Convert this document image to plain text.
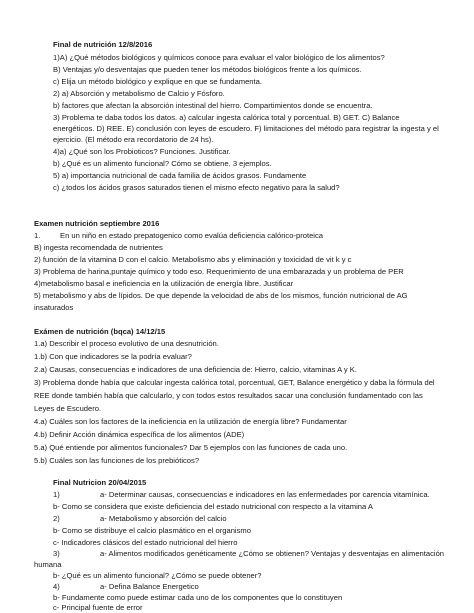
Final de nutrición 12/8/2016
1)A) ¿Qué métodos biológicos y químicos conoce para evaluar el valor biológico de los alimentos?
B) Ventajas y/o desventajas que pueden tener los métodos biológicos frente a los químicos.
c) Elija un método biológico y explique en que se fundamenta.
2) a) Absorción y metabolismo de Calcio y Fósforo.
b) factores que afectan la absorción intestinal del hierro. Compartimientos donde se encuentra.
3) Problema te daba todos los datos. a) calcular ingesta calórica total y porcentual. B) GET. C) Balance
energéticos. D) REE. E) conclusión con leyes de escudero. F) limitaciones del método para registrar la ingesta y el
ejercicio. (El método era recordatorio de 24 hs).
4)a) ¿Qué son los Probioticos? Funciones. Justificar.
b) ¿Qué es un alimento funcional? Cómo se obtiene. 3 ejemplos.
5) a) importancia nutricional de cada familia de ácidos grasos. Fundamente
c) ¿todos los ácidos grasos saturados tienen el mismo efecto negativo para la salud?
Examen nutrición septiembre 2016
1.	En un niño en estado prepatogenico como evalúa deficiencia calórico-proteica
B) ingesta recomendada de nutrientes
2) función de la vitamina D con el calcio. Metabolismo abs y eliminación y toxicidad de vit k y c
3) Problema de harina,puntaje químico y todo eso. Requerimiento de una embarazada y un problema de PER
4)metabolismo basal e ineficiencia en la utilización de energía libre. Justificar
5) metabolismo y abs de lípidos. De que depende la velocidad de abs de los mismos, función nutricional de AG
insaturados
Exámen de nutrición (bqca) 14/12/15
1.a) Describir el proceso evolutivo de una desnutrición.
1.b) Con que indicadores se la podría evaluar?
2.a) Causas, consecuencias e indicadores de una deficiencia de: Hierro, calcio, vitaminas A y K.
3) Problema donde había que calcular ingesta calórica total, porcentual, GET, Balance energético y daba la fórmula del
REE donde también había que calcularlo, y con todos estos resultados sacar una conclusión fundamentado con las
Leyes de Escudero.
4.a) Cuáles son los factores de la ineficiencia en la utilización de energía libre? Fundamentar
4.b) Definir Acción dinámica específica de los alimentos (ADE)
5.a) Qué entiende por alimentos funcionales? Dar 5 ejemplos con las funciones de cada uno.
5.b) Cuáles son las funciones de los prebióticos?
Final Nutricion 20/04/2015
1)	a- Determinar causas, consecuencias e indicadores en las enfermedades por carencia vitamínica.
b- Como se considera que existe deficiencia del estado nutricional con respecto a la vitamina A
2)	a- Metabolismo y absorción del calcio
b- Como se distribuye el calcio plasmático en el organismo
c- Indicadores clásicos del estado nutricional del hierro
3)	a- Alimentos modificados genéticamente ¿Cómo se obtienen? Ventajas y desventajas en alimentación
humana
b- ¿Qué es un alimento funcional? ¿Cómo se puede obtener?
4)	a- Defina Balance Energetico
b- Fundamente como puede estimar cada uno de los componentes que lo constituyen
c- Principal fuente de error
